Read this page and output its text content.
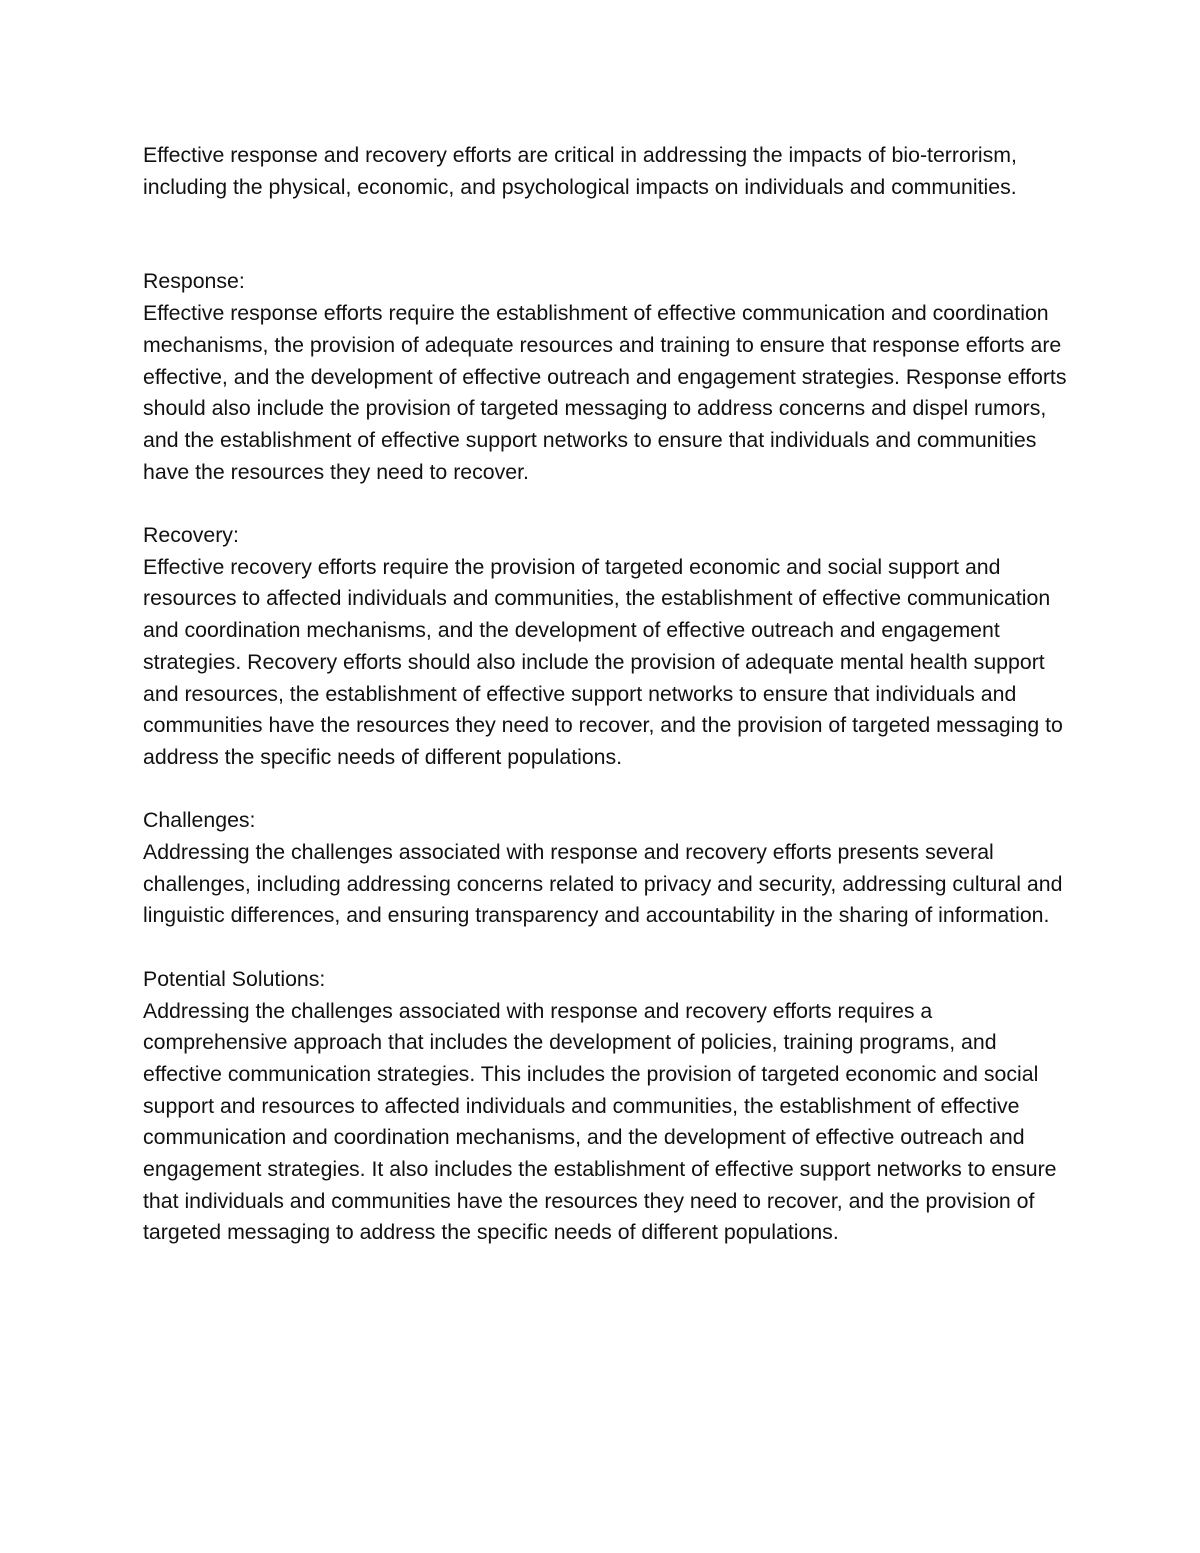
Effective response and recovery efforts are critical in addressing the impacts of bio-terrorism, including the physical, economic, and psychological impacts on individuals and communities.

Response:
Effective response efforts require the establishment of effective communication and coordination mechanisms, the provision of adequate resources and training to ensure that response efforts are effective, and the development of effective outreach and engagement strategies. Response efforts should also include the provision of targeted messaging to address concerns and dispel rumors, and the establishment of effective support networks to ensure that individuals and communities have the resources they need to recover.
Recovery:
Effective recovery efforts require the provision of targeted economic and social support and resources to affected individuals and communities, the establishment of effective communication and coordination mechanisms, and the development of effective outreach and engagement strategies. Recovery efforts should also include the provision of adequate mental health support and resources, the establishment of effective support networks to ensure that individuals and communities have the resources they need to recover, and the provision of targeted messaging to address the specific needs of different populations.
Challenges:
Addressing the challenges associated with response and recovery efforts presents several challenges, including addressing concerns related to privacy and security, addressing cultural and linguistic differences, and ensuring transparency and accountability in the sharing of information.
Potential Solutions:
Addressing the challenges associated with response and recovery efforts requires a comprehensive approach that includes the development of policies, training programs, and effective communication strategies. This includes the provision of targeted economic and social support and resources to affected individuals and communities, the establishment of effective communication and coordination mechanisms, and the development of effective outreach and engagement strategies. It also includes the establishment of effective support networks to ensure that individuals and communities have the resources they need to recover, and the provision of targeted messaging to address the specific needs of different populations.
